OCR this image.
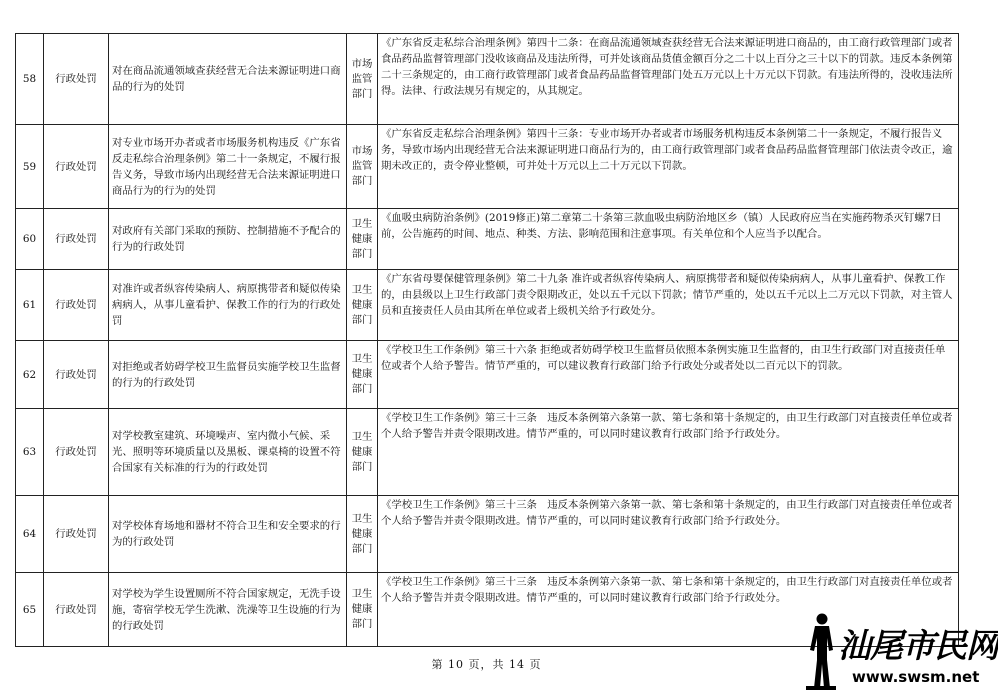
58	行政处罚	对在商品流通领域查获经营无合法来源证明进口商品的行为的处罚	市场监管部门	《广东省反走私综合治理条例》第四十二条：在商品流通领域查获经营无合法来源证明进口商品的，由工商行政管理部门或者食品药品监督管理部门没收该商品及违法所得，可并处该商品货值金额百分之二十以上百分之三十以下的罚款。违反本条例第二十三条规定的，由工商行政管理部门或者食品药品监督管理部门处五万元以上十万元以下罚款。有违法所得的，没收违法所得。法律、行政法规另有规定的，从其规定。
59	行政处罚	对专业市场开办者或者市场服务机构违反《广东省反走私综合治理条例》第二十一条规定，不履行报告义务，导致市场内出现经营无合法来源证明进口商品行为的行为的处罚	市场监管部门	《广东省反走私综合治理条例》第四十三条：专业市场开办者或者市场服务机构违反本条例第二十一条规定，不履行报告义务，导致市场内出现经营无合法来源证明进口商品行为的，由工商行政管理部门或者食品药品监督管理部门依法责令改正，逾期未改正的，责令停业整顿，可并处十万元以上二十万元以下罚款。
60	行政处罚	对政府有关部门采取的预防、控制措施不予配合的行为的行政处罚	卫生健康部门	《血吸虫病防治条例》(2019修正)第二章第二十条第三款血吸虫病防治地区乡（镇）人民政府应当在实施药物杀灭钉螺7日前，公告施药的时间、地点、种类、方法、影响范围和注意事项。有关单位和个人应当予以配合。
61	行政处罚	对准许或者纵容传染病人、病原携带者和疑似传染病病人，从事儿童看护、保教工作的行为的行政处罚	卫生健康部门	《广东省母婴保健管理条例》第二十九条 准许或者纵容传染病人、病原携带者和疑似传染病病人，从事儿童看护、保教工作的，由县级以上卫生行政部门责令限期改正，处以五千元以下罚款；情节严重的，处以五千元以上二万元以下罚款，对主管人员和直接责任人员由其所在单位或者上级机关给予行政处分。
62	行政处罚	对拒绝或者妨碍学校卫生监督员实施学校卫生监督的行为的行政处罚	卫生健康部门	《学校卫生工作条例》第三十六条 拒绝或者妨碍学校卫生监督员依照本条例实施卫生监督的，由卫生行政部门对直接责任单位或者个人给予警告。情节严重的，可以建议教育行政部门给予行政处分或者处以二百元以下的罚款。
63	行政处罚	对学校教室建筑、环境噪声、室内微小气候、采光、照明等环境质量以及黑板、课桌椅的设置不符合国家有关标准的行为的行政处罚	卫生健康部门	《学校卫生工作条例》第三十三条　违反本条例第六条第一款、第七条和第十条规定的，由卫生行政部门对直接责任单位或者个人给予警告并责令限期改进。情节严重的，可以同时建议教育行政部门给予行政处分。
64	行政处罚	对学校体育场地和器材不符合卫生和安全要求的行为的行政处罚	卫生健康部门	《学校卫生工作条例》第三十三条　违反本条例第六条第一款、第七条和第十条规定的，由卫生行政部门对直接责任单位或者个人给予警告并责令限期改进。情节严重的，可以同时建议教育行政部门给予行政处分。
65	行政处罚	对学校为学生设置厕所不符合国家规定，无洗手设施，寄宿学校无学生洗漱、洗澡等卫生设施的行为的行政处罚	卫生健康部门	《学校卫生工作条例》第三十三条　违反本条例第六条第一款、第七条和第十条规定的，由卫生行政部门对直接责任单位或者个人给予警告并责令限期改进。情节严重的，可以同时建议教育行政部门给予行政处分。
第 10 页，共 14 页	汕尾市民网
www.swsm.net
